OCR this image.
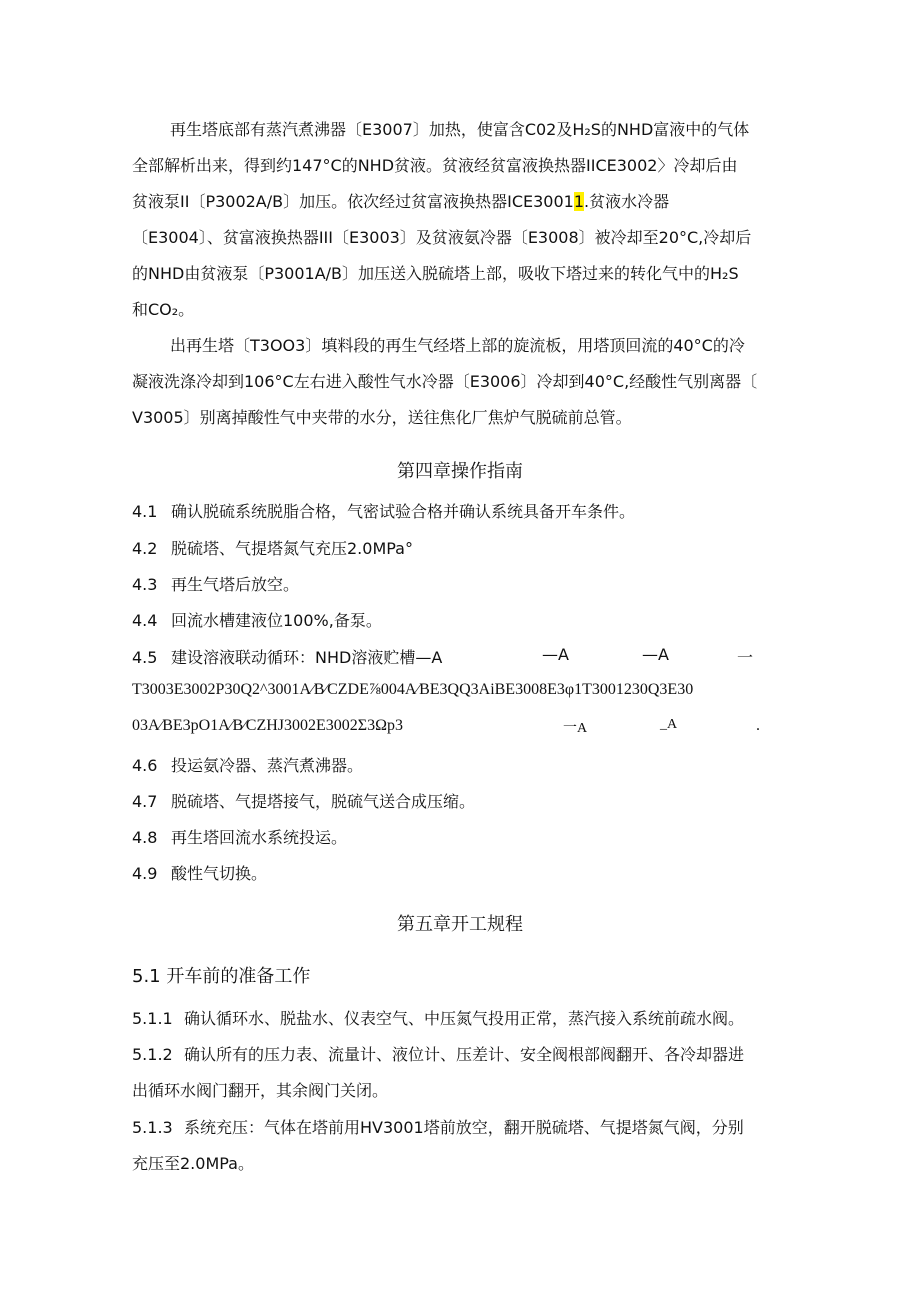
再生塔底部有蒸汽煮沸器〔E3007〕加热，使富含C02及H₂S的NHD富液中的气体
全部解析出来，得到约147°C的NHD贫液。贫液经贫富液换热器IICE3002〉冷却后由
贫液泵II〔P3002A/B〕加压。依次经过贫富液换热器ICE30011.贫液水冷器
〔E3004〕、贫富液换热器III〔E3003〕及贫液氨冷器〔E3008〕被冷却至20°C,冷却后
的NHD由贫液泵〔P3001A/B〕加压送入脱硫塔上部，吸收下塔过来的转化气中的H₂S
和CO₂。
出再生塔〔T3OO3〕填料段的再生气经塔上部的旋流板，用塔顶回流的40°C的冷
凝液洗涤冷却到106°C左右进入酸性气水冷器〔E3006〕冷却到40°C,经酸性气别离器〔
V3005〕别离掉酸性气中夹带的水分，送往焦化厂焦炉气脱硫前总管。
第四章操作指南
4.1 确认脱硫系统脱脂合格，气密试验合格并确认系统具备开车条件。
4.2 脱硫塔、气提塔氮气充压2.0MPa°
4.3 再生气塔后放空。
4.4 回流水槽建液位100%,备泵。
4.5 建设溶液联动循环：NHD溶液贮槽—A	—A	—A	一
T3003E3002P30Q2^3001A⁄B⁄CZDE⅞004A⁄BE3QQ3AiBE3008E3φ1T3001230Q3E30
03A⁄BE3pO1A⁄B⁄CZHJ3002E3002Σ3Ωp3	一A	_A	.
4.6 投运氨冷器、蒸汽煮沸器。
4.7 脱硫塔、气提塔接气，脱硫气送合成压缩。
4.8 再生塔回流水系统投运。
4.9 酸性气切换。
第五章开工规程
5.1 开车前的准备工作
5.1.1 确认循环水、脱盐水、仪表空气、中压氮气投用正常，蒸汽接入系统前疏水阀。
5.1.2 确认所有的压力表、流量计、液位计、压差计、安全阀根部阀翻开、各冷却器进
出循环水阀门翻开，其余阀门关闭。
5.1.3 系统充压：气体在塔前用HV3001塔前放空，翻开脱硫塔、气提塔氮气阀，分别
充压至2.0MPa。
